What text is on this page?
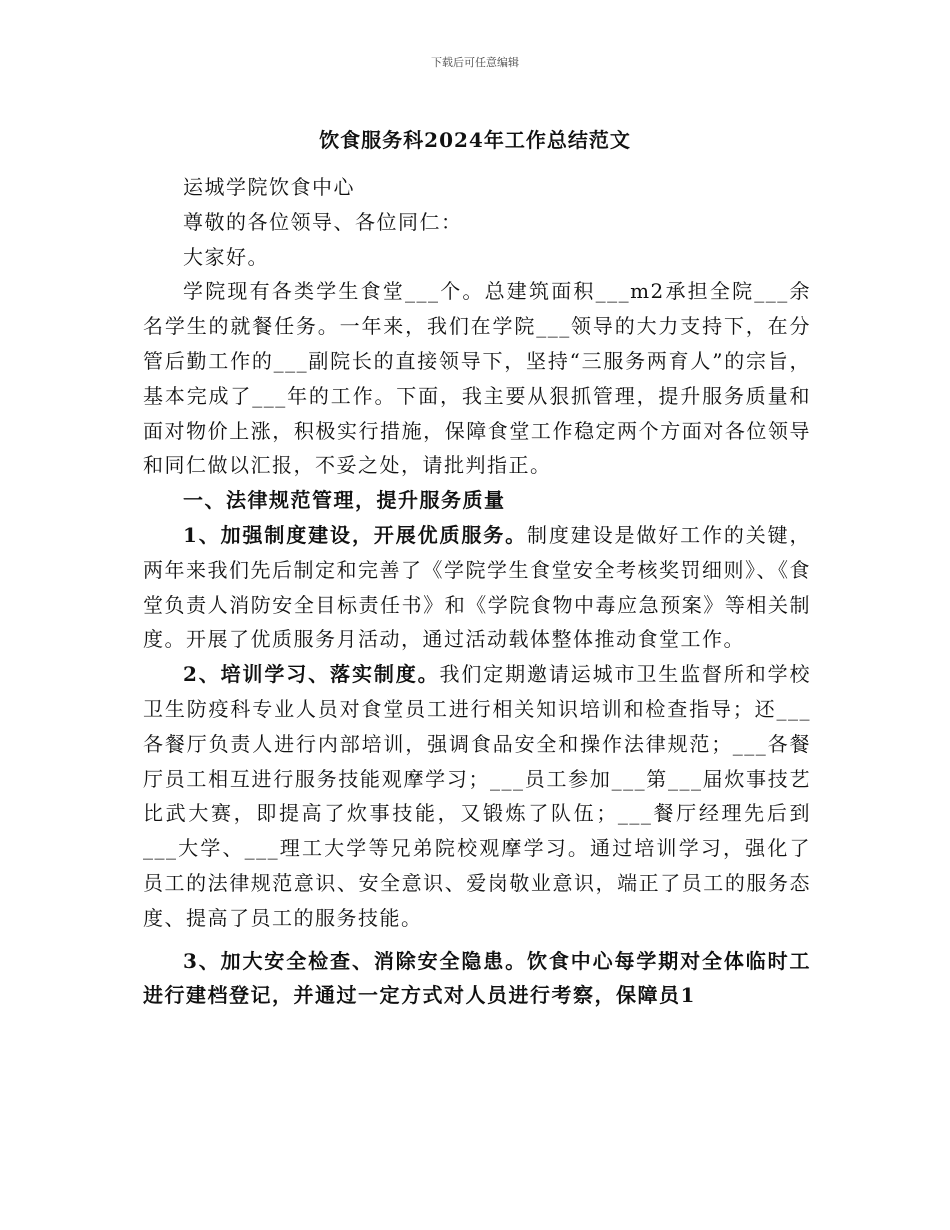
下载后可任意编辑
饮食服务科2024年工作总结范文

运城学院饮食中心

尊敬的各位领导、各位同仁：

大家好。

学院现有各类学生食堂___个。总建筑面积___m2承担全院___余名学生的就餐任务。一年来，我们在学院___领导的大力支持下，在分管后勤工作的___副院长的直接领导下，坚持“三服务两育人”的宗旨，基本完成了___年的工作。下面，我主要从狠抓管理，提升服务质量和面对物价上涨，积极实行措施，保障食堂工作稳定两个方面对各位领导和同仁做以汇报，不妥之处，请批判指正。

一、法律规范管理，提升服务质量

1、加强制度建设，开展优质服务。制度建设是做好工作的关键，两年来我们先后制定和完善了《学院学生食堂安全考核奖罚细则》、《食堂负责人消防安全目标责任书》和《学院食物中毒应急预案》等相关制度。开展了优质服务月活动，通过活动载体整体推动食堂工作。

2、培训学习、落实制度。我们定期邀请运城市卫生监督所和学校卫生防疫科专业人员对食堂员工进行相关知识培训和检查指导；还___各餐厅负责人进行内部培训，强调食品安全和操作法律规范；___各餐厅员工相互进行服务技能观摩学习；___员工参加___第___届炊事技艺比武大赛，即提高了炊事技能，又锻炼了队伍；___餐厅经理先后到___大学、___理工大学等兄弟院校观摩学习。通过培训学习，强化了员工的法律规范意识、安全意识、爱岗敬业意识，端正了员工的服务态度、提高了员工的服务技能。

3、加大安全检查、消除安全隐患。饮食中心每学期对全体临时工进行建档登记，并通过一定方式对人员进行考察，保障员1
